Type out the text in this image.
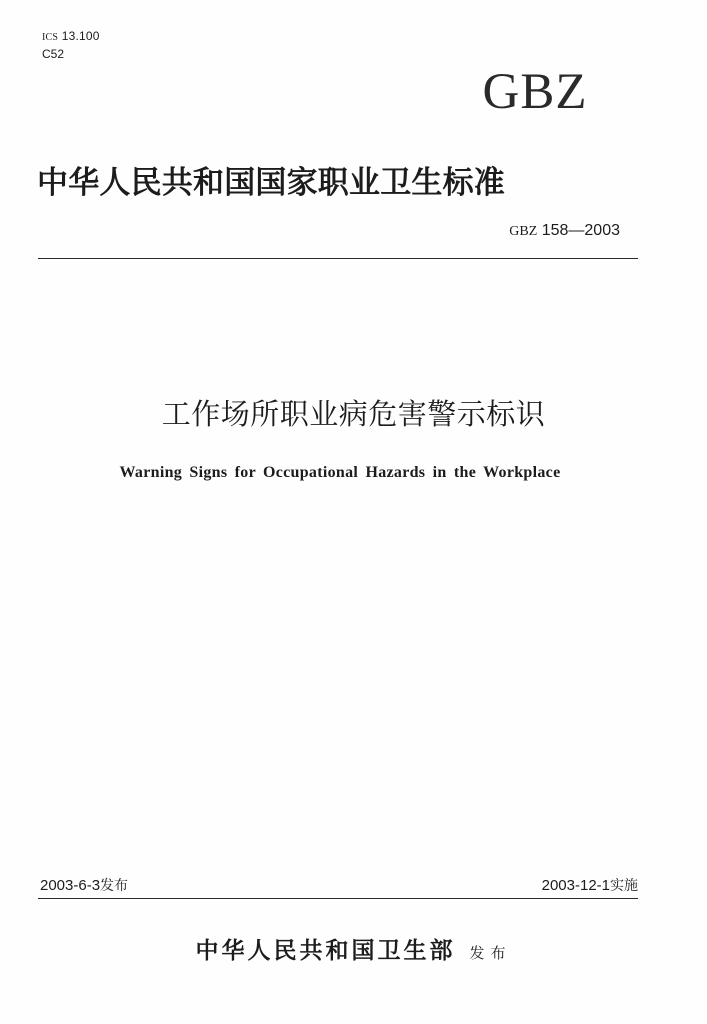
ICS 13.100
C52
GBZ
中华人民共和国国家职业卫生标准
GBZ 158—2003
工作场所职业病危害警示标识
Warning Signs for Occupational Hazards in the Workplace
2003-6-3发布	2003-12-1实施
中华人民共和国卫生部 发布
